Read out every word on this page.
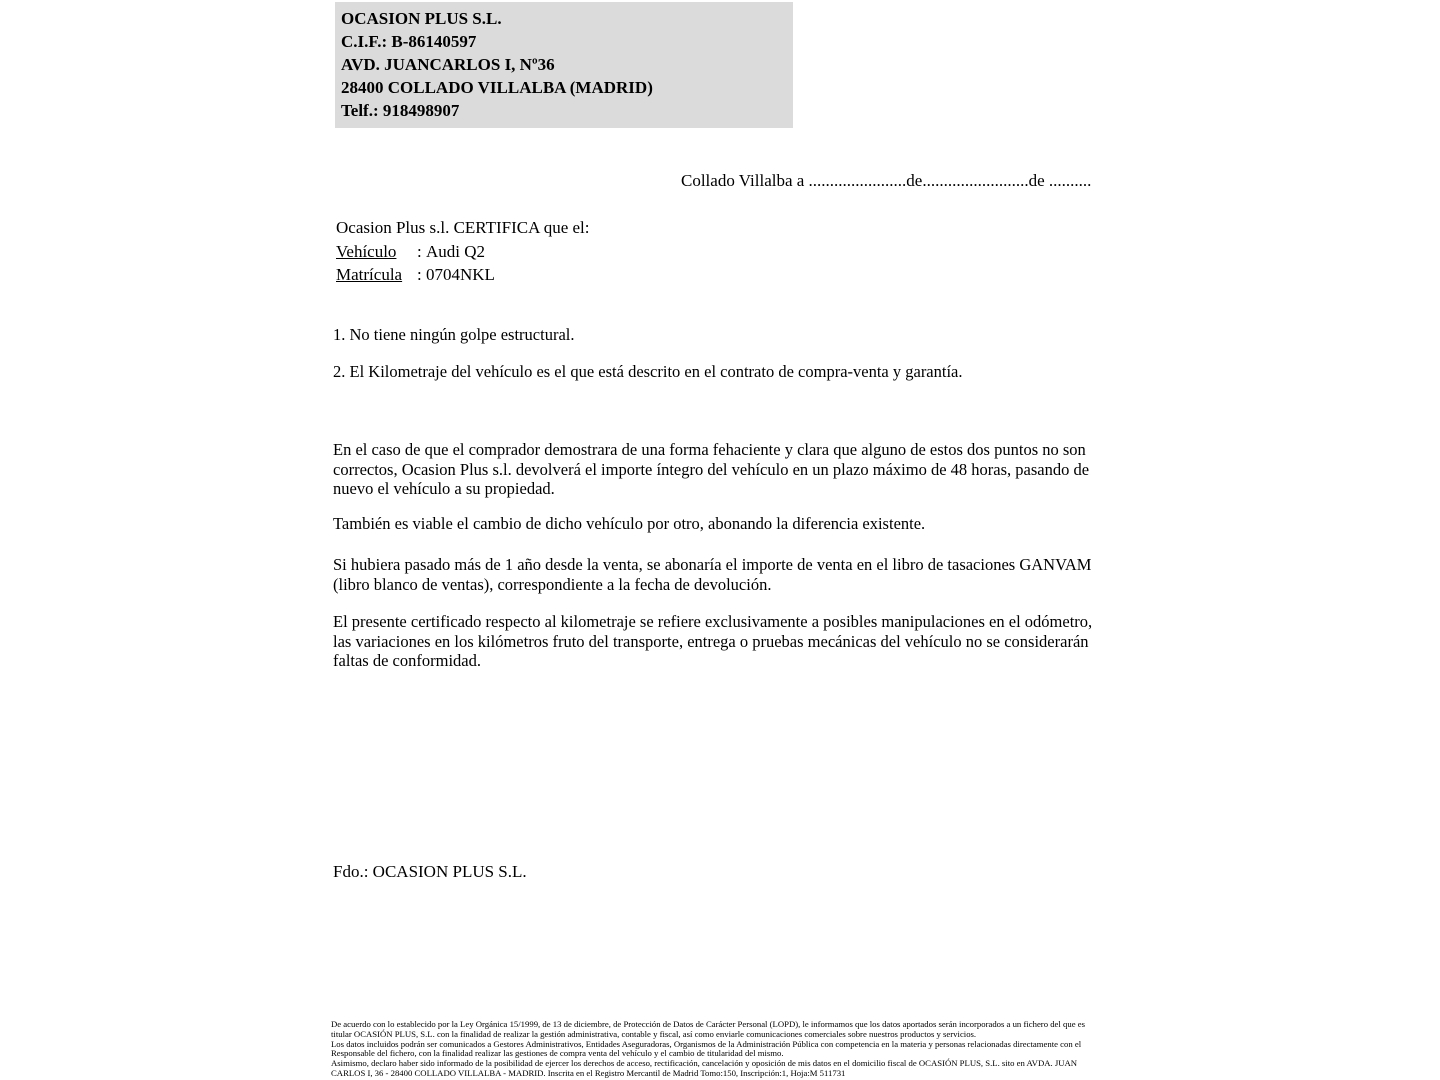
OCASION PLUS S.L.
C.I.F.: B-86140597
AVD. JUANCARLOS I, Nº36
28400 COLLADO VILLALBA (MADRID)
Telf.: 918498907
Collado Villalba a .......................de.........................de ..........
Ocasion Plus s.l. CERTIFICA que el:
Vehículo : Audi Q2
Matrícula : 0704NKL
1. No tiene ningún golpe estructural.
2. El Kilometraje del vehículo es el que está descrito en el contrato de compra-venta y garantía.
En el caso de que el comprador demostrara de una forma fehaciente y clara que alguno de estos dos puntos no son correctos, Ocasion Plus s.l. devolverá el importe íntegro del vehículo en un plazo máximo de 48 horas, pasando de nuevo el vehículo a su propiedad.
También es viable el cambio de dicho vehículo por otro, abonando la diferencia existente.
Si hubiera pasado más de 1 año desde la venta, se abonaría el importe de venta en el libro de tasaciones GANVAM (libro blanco de ventas), correspondiente a la fecha de devolución.
El presente certificado respecto al kilometraje se refiere exclusivamente a posibles manipulaciones en el odómetro, las variaciones en los kilómetros fruto del transporte, entrega o pruebas mecánicas del vehículo no se considerarán faltas de conformidad.
Fdo.: OCASION PLUS S.L.

De acuerdo con lo establecido por la Ley Orgánica 15/1999, de 13 de diciembre, de Protección de Datos de Carácter Personal (LOPD), le informamos que los datos aportados serán incorporados a un fichero del que es titular OCASIÓN PLUS, S.L. con la finalidad de realizar la gestión administrativa, contable y fiscal, así como enviarle comunicaciones comerciales sobre nuestros productos y servicios.

Los datos incluidos podrán ser comunicados a Gestores Administrativos, Entidades Aseguradoras, Organismos de la Administración Pública con competencia en la materia y personas relacionadas directamente con el Responsable del fichero, con la finalidad realizar las gestiones de compra venta del vehículo y el cambio de titularidad del mismo.

Asimismo, declaro haber sido informado de la posibilidad de ejercer los derechos de acceso, rectificación, cancelación y oposición de mis datos en el domicilio fiscal de OCASIÓN PLUS, S.L. sito en AVDA. JUAN CARLOS I, 36 - 28400 COLLADO VILLALBA - MADRID. Inscrita en el Registro Mercantil de Madrid Tomo:150, Inscripción:1, Hoja:M 511731
